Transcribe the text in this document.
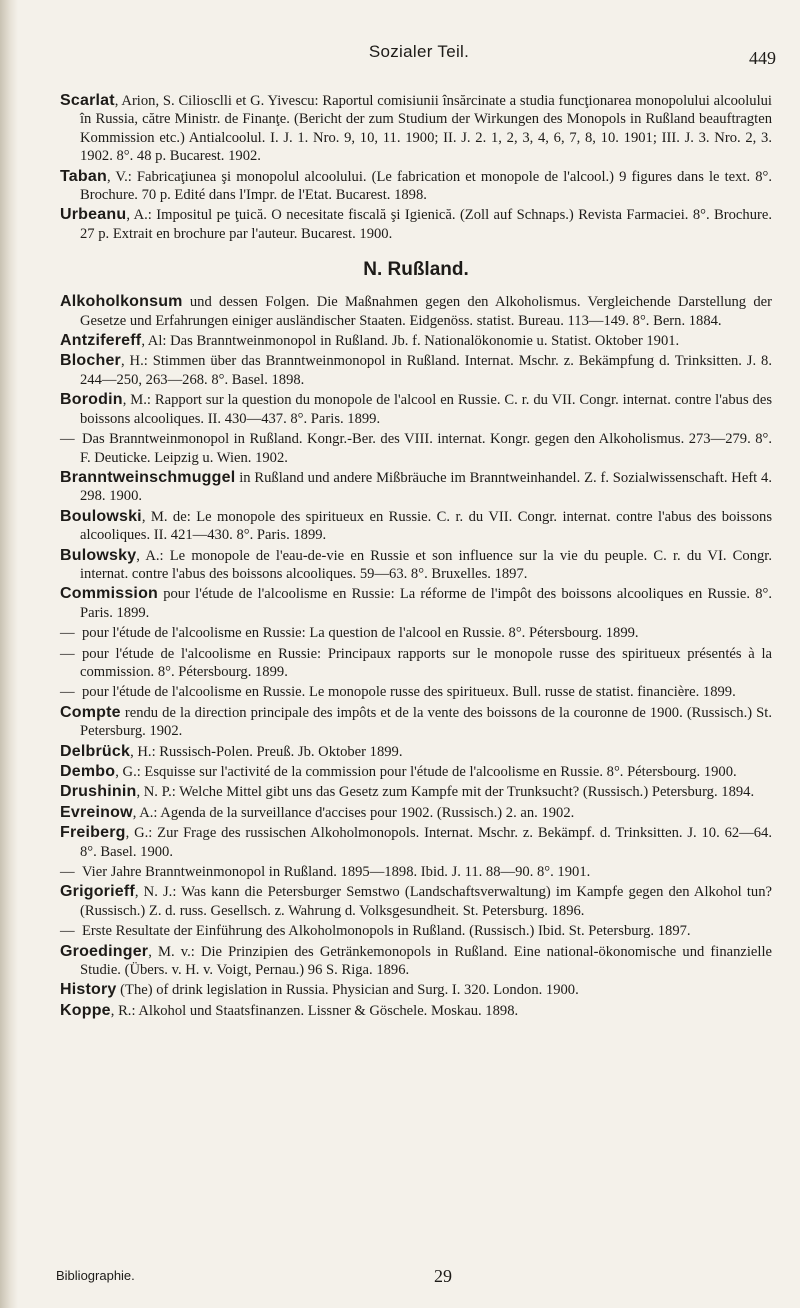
Sozialer Teil.	449

Scarlat, Arion, S. Ciliosclli et G. Yivescu: Raportul comisiunii însărcinate a studia funcţionarea monopolului alcoolului în Russia, către Ministr. de Finanţe. (Bericht der zum Studium der Wirkungen des Monopols in Rußland beauftragten Kommission etc.) Antialcoolul. I. J. 1. Nro. 9, 10, 11. 1900; II. J. 2. 1, 2, 3, 4, 6, 7, 8, 10. 1901; III. J. 3. Nro. 2, 3. 1902. 8°. 48 p. Bucarest. 1902.

Taban, V.: Fabricaţiunea şi monopolul alcoolului. (Le fabrication et monopole de l'alcool.) 9 figures dans le text. 8°. Brochure. 70 p. Edité dans l'Impr. de l'Etat. Bucarest. 1898.

Urbeanu, A.: Impositul pe ţuică. O necesitate fiscală şi Igienică. (Zoll auf Schnaps.) Revista Farmaciei. 8°. Brochure. 27 p. Extrait en brochure par l'auteur. Bucarest. 1900.

N. Rußland.

Alkoholkonsum und dessen Folgen. Die Maßnahmen gegen den Alkoholismus. Vergleichende Darstellung der Gesetze und Erfahrungen einiger ausländischer Staaten. Eidgenöss. statist. Bureau. 113—149. 8°. Bern. 1884.

Antzifereff, Al: Das Branntweinmonopol in Rußland. Jb. f. Nationalökonomie u. Statist. Oktober 1901.

Blocher, H.: Stimmen über das Branntweinmonopol in Rußland. Internat. Mschr. z. Bekämpfung d. Trinksitten. J. 8. 244—250, 263—268. 8°. Basel. 1898.

Borodin, M.: Rapport sur la question du monopole de l'alcool en Russie. C. r. du VII. Congr. internat. contre l'abus des boissons alcooliques. II. 430—437. 8°. Paris. 1899.

— Das Branntweinmonopol in Rußland. Kongr.-Ber. des VIII. internat. Kongr. gegen den Alkoholismus. 273—279. 8°. F. Deuticke. Leipzig u. Wien. 1902.

Branntweinschmuggel in Rußland und andere Mißbräuche im Branntweinhandel. Z. f. Sozialwissenschaft. Heft 4. 298. 1900.

Boulowski, M. de: Le monopole des spiritueux en Russie. C. r. du VII. Congr. internat. contre l'abus des boissons alcooliques. II. 421—430. 8°. Paris. 1899.

Bulowsky, A.: Le monopole de l'eau-de-vie en Russie et son influence sur la vie du peuple. C. r. du VI. Congr. internat. contre l'abus des boissons alcooliques. 59—63. 8°. Bruxelles. 1897.

Commission pour l'étude de l'alcoolisme en Russie: La réforme de l'impôt des boissons alcooliques en Russie. 8°. Paris. 1899.

— pour l'étude de l'alcoolisme en Russie: La question de l'alcool en Russie. 8°. Pétersbourg. 1899.

— pour l'étude de l'alcoolisme en Russie: Principaux rapports sur le monopole russe des spiritueux présentés à la commission. 8°. Pétersbourg. 1899.

— pour l'étude de l'alcoolisme en Russie. Le monopole russe des spiritueux. Bull. russe de statist. financière. 1899.

Compte rendu de la direction principale des impôts et de la vente des boissons de la couronne de 1900. (Russisch.) St. Petersburg. 1902.

Delbrück, H.: Russisch-Polen. Preuß. Jb. Oktober 1899.

Dembo, G.: Esquisse sur l'activité de la commission pour l'étude de l'alcoolisme en Russie. 8°. Pétersbourg. 1900.

Drushinin, N. P.: Welche Mittel gibt uns das Gesetz zum Kampfe mit der Trunksucht? (Russisch.) Petersburg. 1894.

Evreinow, A.: Agenda de la surveillance d'accises pour 1902. (Russisch.) 2. an. 1902.

Freiberg, G.: Zur Frage des russischen Alkoholmonopols. Internat. Mschr. z. Bekämpf. d. Trinksitten. J. 10. 62—64. 8°. Basel. 1900.

— Vier Jahre Branntweinmonopol in Rußland. 1895—1898. Ibid. J. 11. 88—90. 8°. 1901.

Grigorieff, N. J.: Was kann die Petersburger Semstwo (Landschaftsverwaltung) im Kampfe gegen den Alkohol tun? (Russisch.) Z. d. russ. Gesellsch. z. Wahrung d. Volksgesundheit. St. Petersburg. 1896.

— Erste Resultate der Einführung des Alkoholmonopols in Rußland. (Russisch.) Ibid. St. Petersburg. 1897.

Groedinger, M. v.: Die Prinzipien des Getränkemonopols in Rußland. Eine national-ökonomische und finanzielle Studie. (Übers. v. H. v. Voigt, Pernau.) 96 S. Riga. 1896.

History (The) of drink legislation in Russia. Physician and Surg. I. 320. London. 1900.

Koppe, R.: Alkohol und Staatsfinanzen. Lissner & Göschele. Moskau. 1898.

Bibliographie.	29
